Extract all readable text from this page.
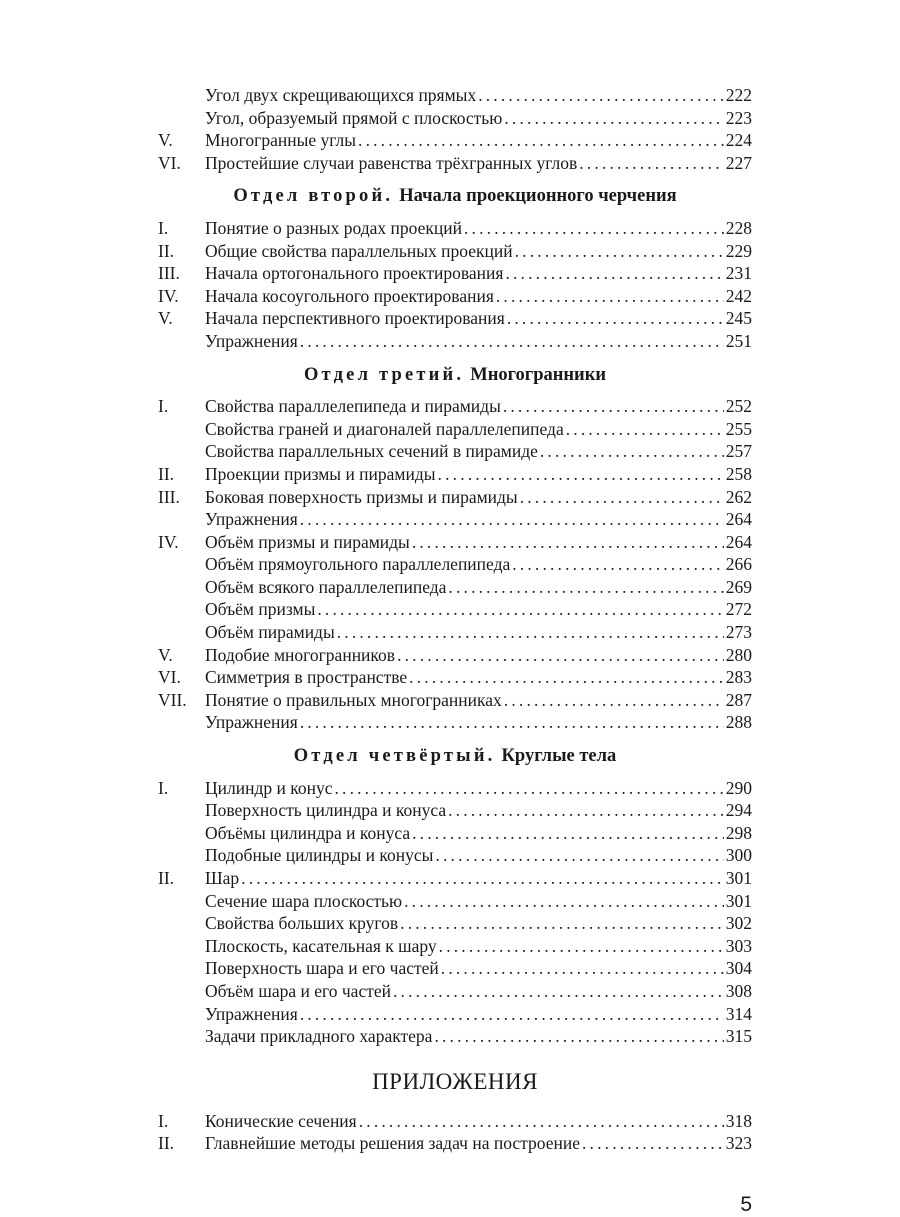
Угол двух скрещивающихся прямых . . .	222
Угол, образуемый прямой с плоскостью . . .	223
V.	Многогранные углы . . .	224
VI.	Простейшие случаи равенства трёхгранных углов . . .	227
Отдел второй. Начала проекционного черчения
I.	Понятие о разных родах проекций . . .	228
II.	Общие свойства параллельных проекций . . .	229
III.	Начала ортогонального проектирования . . .	231
IV.	Начала косоугольного проектирования . . .	242
V.	Начала перспективного проектирования . . .	245
Упражнения . . .	251
Отдел третий. Многогранники
I.	Свойства параллелепипеда и пирамиды . . .	252
Свойства граней и диагоналей параллелепипеда . . .	255
Свойства параллельных сечений в пирамиде . . .	257
II.	Проекции призмы и пирамиды . . .	258
III.	Боковая поверхность призмы и пирамиды . . .	262
Упражнения . . .	264
IV.	Объём призмы и пирамиды . . .	264
Объём прямоугольного параллелепипеда . . .	266
Объём всякого параллелепипеда . . .	269
Объём призмы . . .	272
Объём пирамиды . . .	273
V.	Подобие многогранников . . .	280
VI.	Симметрия в пространстве . . .	283
VII.	Понятие о правильных многогранниках . . .	287
Упражнения . . .	288
Отдел четвёртый. Круглые тела
I.	Цилиндр и конус . . .	290
Поверхность цилиндра и конуса . . .	294
Объёмы цилиндра и конуса . . .	298
Подобные цилиндры и конусы . . .	300
II.	Шар . . .	301
Сечение шара плоскостью . . .	301
Свойства больших кругов . . .	302
Плоскость, касательная к шару . . .	303
Поверхность шара и его частей . . .	304
Объём шара и его частей . . .	308
Упражнения . . .	314
Задачи прикладного характера . . .	315
ПРИЛОЖЕНИЯ
I.	Конические сечения . . .	318
II.	Главнейшие методы решения задач на построение . . .	323
5
